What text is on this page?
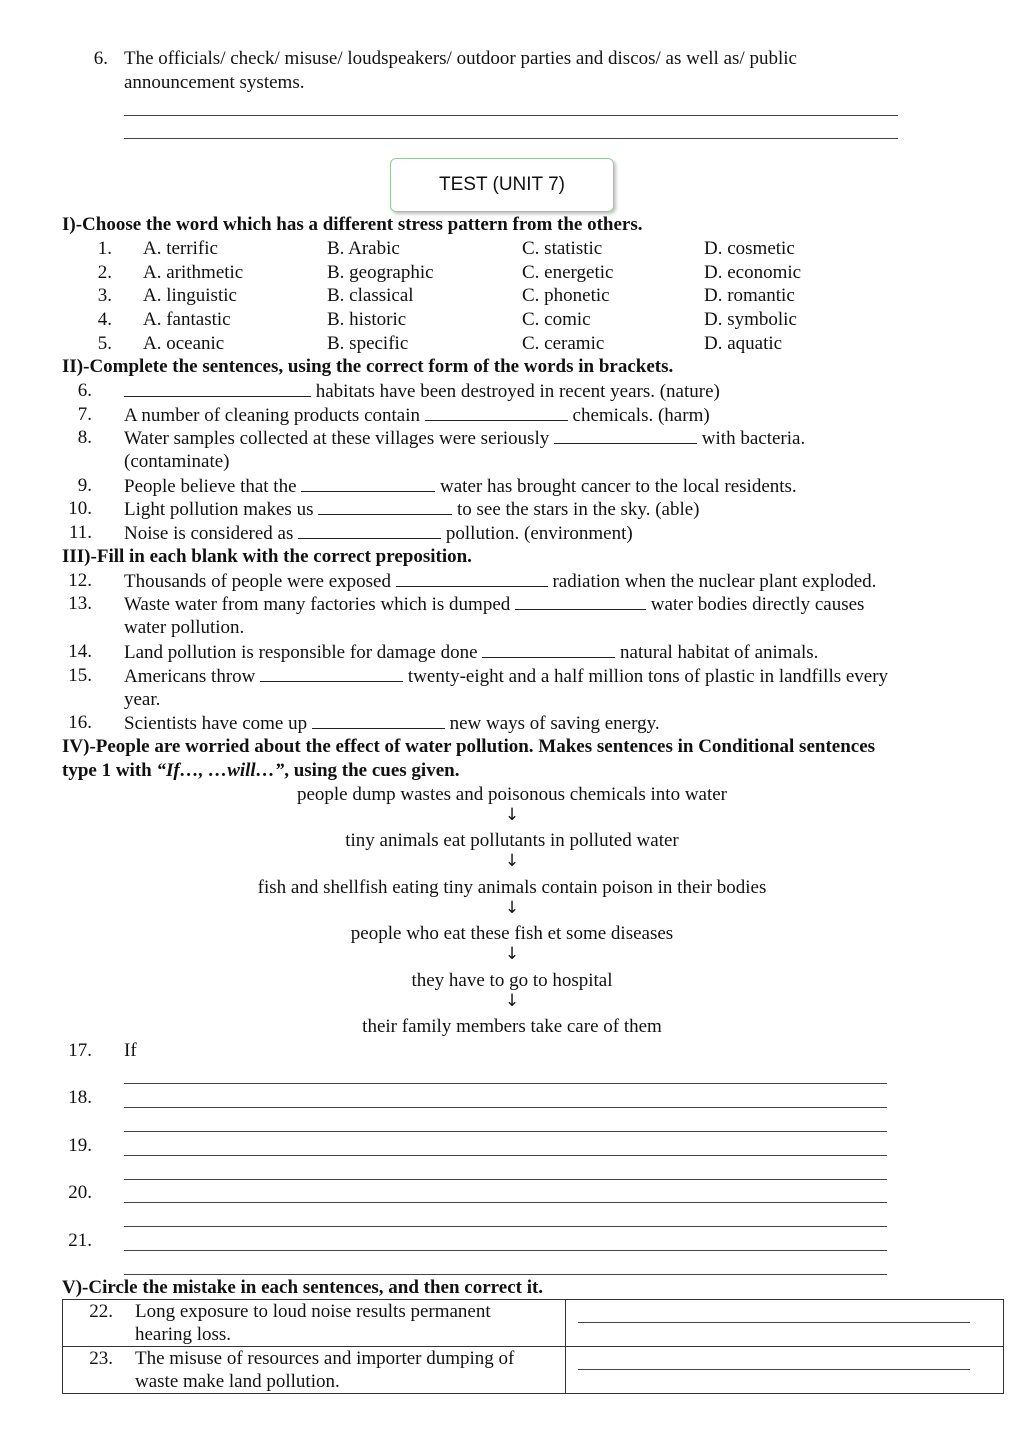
6. The officials/ check/ misuse/ loudspeakers/ outdoor parties and discos/ as well as/ public
announcement systems.
TEST (UNIT 7)
I)-Choose the word which has a different stress pattern from the others.
1. A. terrific	B. Arabic	C. statistic	D. cosmetic
2. A. arithmetic	B. geographic	C. energetic	D. economic
3. A. linguistic	B. classical	C. phonetic	D. romantic
4. A. fantastic	B. historic	C. comic	D. symbolic
5. A. oceanic	B. specific	C. ceramic	D. aquatic
II)-Complete the sentences, using the correct form of the words in brackets.
6.	habitats have been destroyed in recent years. (nature)
7. A number of cleaning products contain	chemicals. (harm)
8. Water samples collected at these villages were seriously	with bacteria.
(contaminate)
9. People believe that the	water has brought cancer to the local residents.
10. Light pollution makes us	to see the stars in the sky. (able)
11. Noise is considered as	pollution. (environment)
III)-Fill in each blank with the correct preposition.
12. Thousands of people were exposed	radiation when the nuclear plant exploded.
13. Waste water from many factories which is dumped	water bodies directly causes
water pollution.
14. Land pollution is responsible for damage done	natural habitat of animals.
15. Americans throw	twenty-eight and a half million tons of plastic in landfills every
year.
16. Scientists have come up	new ways of saving energy.
IV)-People are worried about the effect of water pollution. Makes sentences in Conditional sentences
type 1 with “If…, …will…”, using the cues given.
people dump wastes and poisonous chemicals into water
↓
tiny animals eat pollutants in polluted water
↓
fish and shellfish eating tiny animals contain poison in their bodies
↓
people who eat these fish et some diseases
↓
they have to go to hospital
↓
their family members take care of them
17. If
18.
19.
20.
21.
V)-Circle the mistake in each sentences, and then correct it.
22. Long exposure to loud noise results permanent hearing loss.	

23. The misuse of resources and importer dumping of waste make land pollution.	
